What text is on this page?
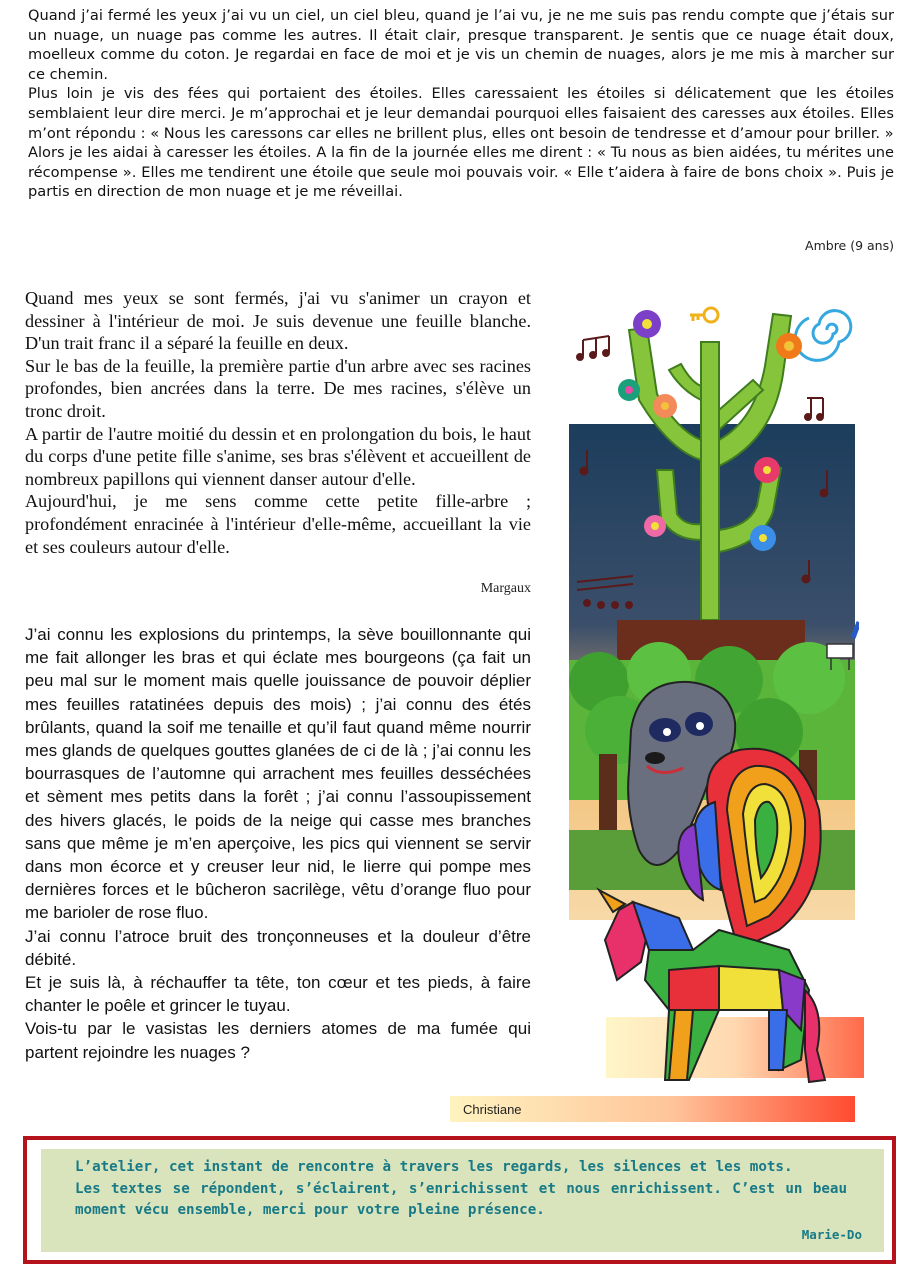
Quand j’ai fermé les yeux j’ai vu un ciel, un ciel bleu, quand je l’ai vu, je ne me suis pas rendu compte que j’étais sur un nuage, un nuage pas comme les autres. Il était clair, presque transparent. Je sentis que ce nuage était doux, moelleux comme du coton. Je regardai en face de moi et je vis un chemin de nuages, alors je me mis à marcher sur ce chemin.

Plus loin je vis des fées qui portaient des étoiles. Elles caressaient les étoiles si délicatement que les étoiles semblaient leur dire merci. Je m’approchai et je leur demandai pourquoi elles faisaient des caresses aux étoiles. Elles m’ont répondu : « Nous les caressons car elles ne brillent plus, elles ont besoin de tendresse et d’amour pour briller. »

Alors je les aidai à caresser les étoiles. A la fin de la journée elles me dirent : « Tu nous as bien aidées, tu mérites une récompense ». Elles me tendirent une étoile que seule moi pouvais voir. « Elle t’aidera à faire de bons choix ». Puis je partis en direction de mon nuage et je me réveillai.

Ambre (9 ans)

Quand mes yeux se sont fermés, j'ai vu s'animer un crayon et dessiner à l'intérieur de moi. Je suis devenue une feuille blanche. D'un trait franc il a séparé la feuille en deux.

Sur le bas de la feuille, la première partie d'un arbre avec ses racines profondes, bien ancrées dans la terre. De mes racines, s'élève un tronc droit.

A partir de l'autre moitié du dessin et en prolongation du bois, le haut du corps d'une petite fille s'anime, ses bras s'élèvent et accueillent de nombreux papillons qui viennent danser autour d'elle.

Aujourd'hui, je me sens comme cette petite fille-arbre ; profondément enracinée à l'intérieur d'elle-même, accueillant la vie et ses couleurs autour d'elle.

Margaux

J’ai connu les explosions du printemps, la sève bouillonnante qui me fait allonger les bras et qui éclate mes bourgeons (ça fait un peu mal sur le moment mais quelle jouissance de pouvoir déplier mes feuilles ratatinées depuis des mois) ; j’ai connu des étés brûlants, quand la soif me tenaille et qu’il faut quand même nourrir mes glands de quelques gouttes glanées de ci de là ; j’ai connu les bourrasques de l’automne qui arrachent mes feuilles desséchées et sèment mes petits dans la forêt ; j’ai connu l’assoupissement des hivers glacés, le poids de la neige qui casse mes branches sans que même je m’en aperçoive, les pics qui viennent se servir dans mon écorce et y creuser leur nid, le lierre qui pompe mes dernières forces et le bûcheron sacrilège, vêtu d’orange fluo pour me barioler de rose fluo.

J’ai connu l’atroce bruit des tronçonneuses et la douleur d’être débité.

Et je suis là, à réchauffer ta tête, ton cœur et tes pieds, à faire chanter le poêle et grincer le tuyau.

Vois-tu par le vasistas les derniers atomes de ma fumée qui partent rejoindre les nuages ?

Christiane
L’atelier, cet instant de rencontre à travers les regards, les silences et les mots.
Les textes se répondent, s’éclairent, s’enrichissent et nous enrichissent. C’est un beau moment vécu ensemble, merci pour votre pleine présence.
Marie-Do
